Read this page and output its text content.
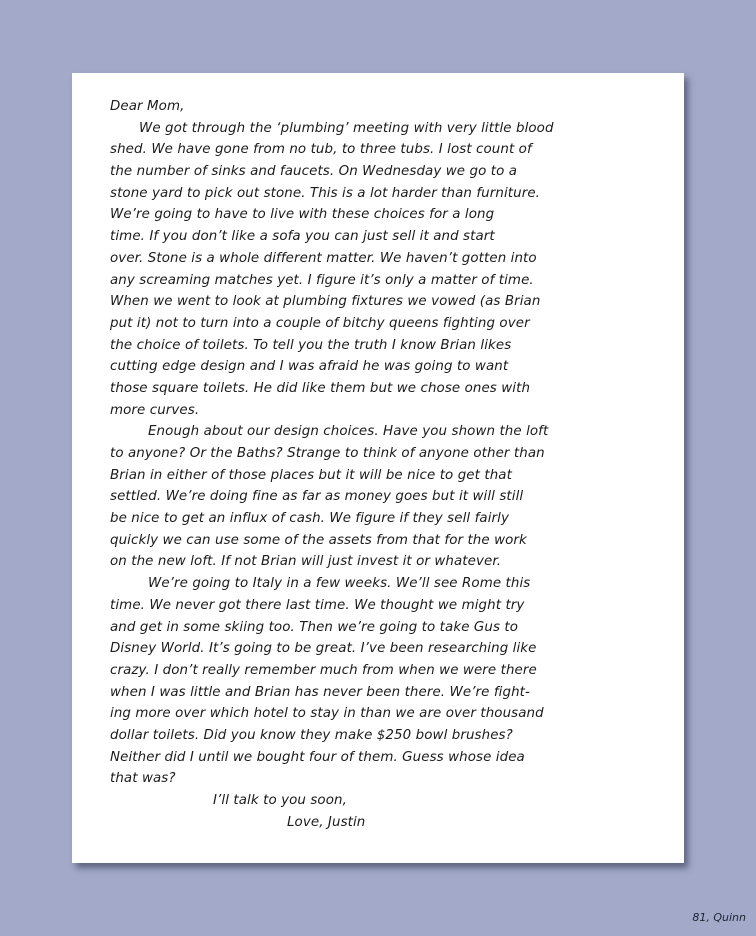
Dear Mom,
We got through the ‘plumbing’ meeting with very little blood
shed. We have gone from no tub, to three tubs. I lost count of
the number of sinks and faucets. On Wednesday we go to a
stone yard to pick out stone. This is a lot harder than furniture.
We’re going to have to live with these choices for a long
time. If you don’t like a sofa you can just sell it and start
over. Stone is a whole different matter. We haven’t gotten into
any screaming matches yet. I figure it’s only a matter of time.
When we went to look at plumbing fixtures we vowed (as Brian
put it) not to turn into a couple of bitchy queens fighting over
the choice of toilets. To tell you the truth I know Brian likes
cutting edge design and I was afraid he was going to want
those square toilets. He did like them but we chose ones with
more curves.
Enough about our design choices. Have you shown the loft
to anyone? Or the Baths? Strange to think of anyone other than
Brian in either of those places but it will be nice to get that
settled. We’re doing fine as far as money goes but it will still
be nice to get an influx of cash. We figure if they sell fairly
quickly we can use some of the assets from that for the work
on the new loft. If not Brian will just invest it or whatever.
We’re going to Italy in a few weeks. We’ll see Rome this
time. We never got there last time. We thought we might try
and get in some skiing too. Then we’re going to take Gus to
Disney World. It’s going to be great. I’ve been researching like
crazy. I don’t really remember much from when we were there
when I was little and Brian has never been there. We’re fight-
ing more over which hotel to stay in than we are over thousand
dollar toilets. Did you know they make $250 bowl brushes?
Neither did I until we bought four of them. Guess whose idea
that was?
I’ll talk to you soon,
Love, Justin
81, Quinn
